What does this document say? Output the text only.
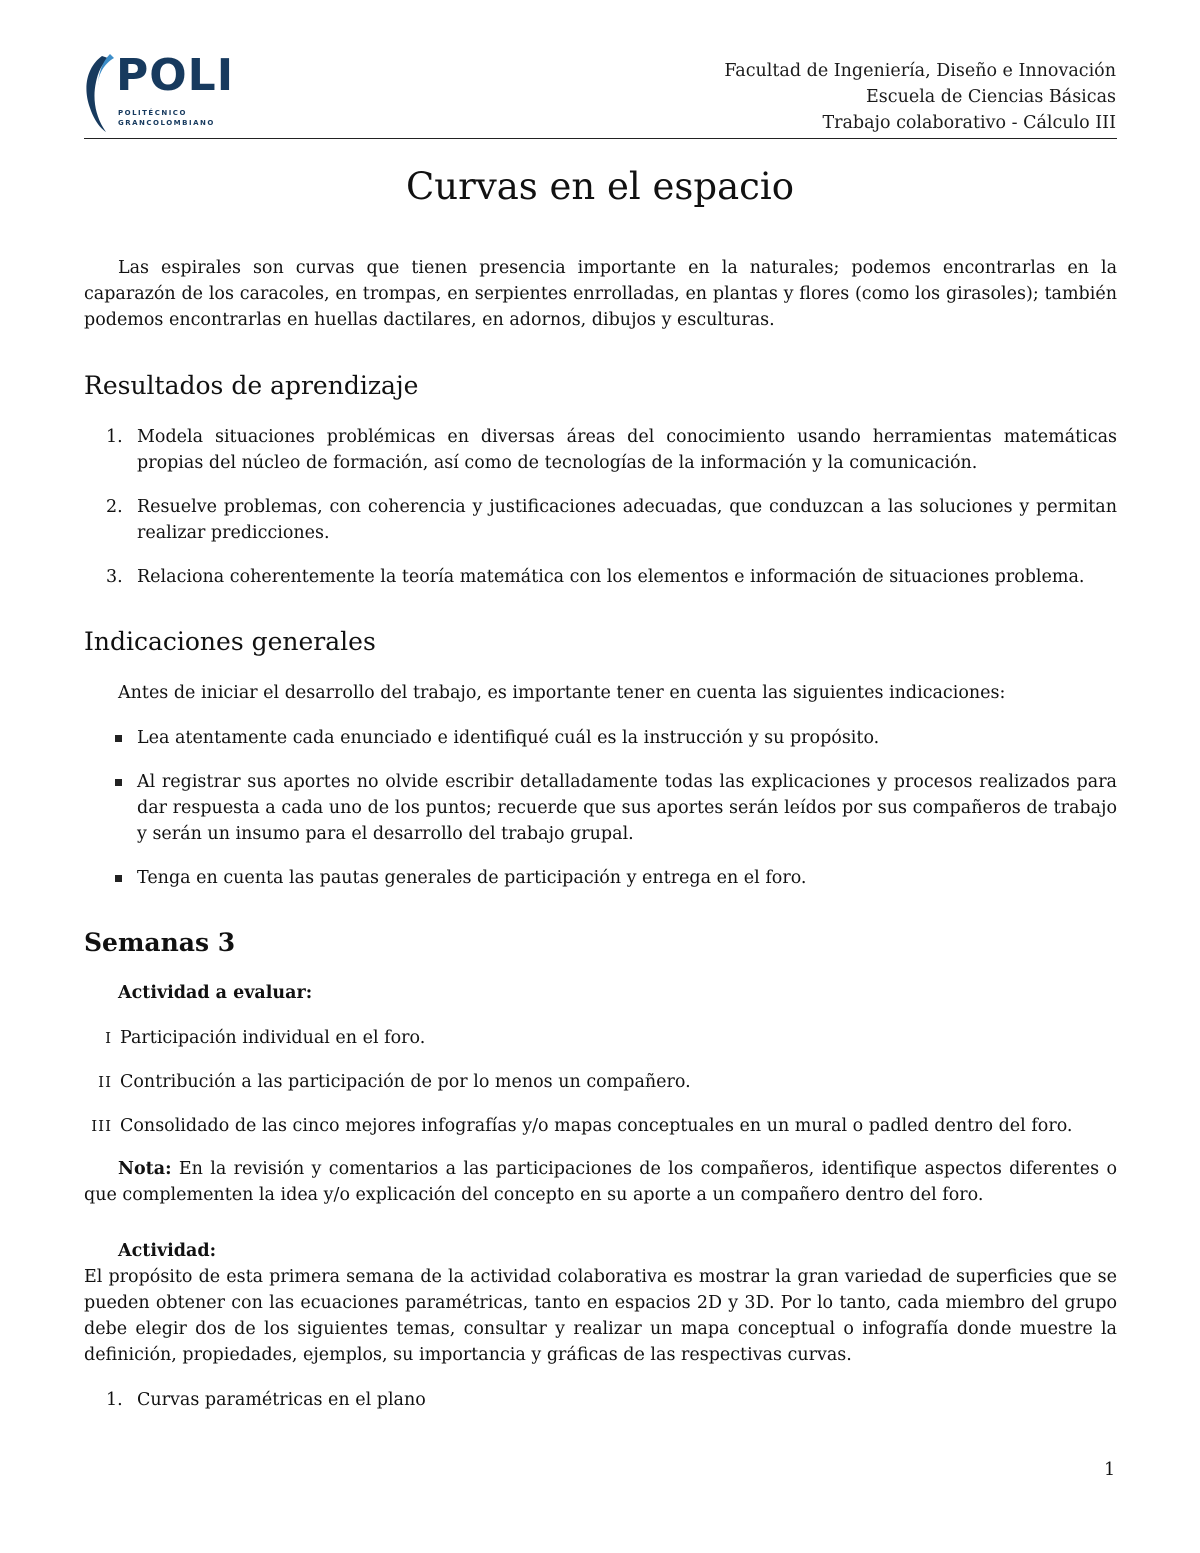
POLI
POLITÉCNICO
GRANCOLOMBIANO
Facultad de Ingeniería, Diseño e Innovación
Escuela de Ciencias Básicas
Trabajo colaborativo - Cálculo III
Curvas en el espacio

Las espirales son curvas que tienen presencia importante en la naturales; podemos encontrarlas en la caparazón de los caracoles, en trompas, en serpientes enrrolladas, en plantas y flores (como los girasoles); también podemos encontrarlas en huellas dactilares, en adornos, dibujos y esculturas.

Resultados de aprendizaje
1. Modela situaciones problémicas en diversas áreas del conocimiento usando herramientas matemáticas propias del núcleo de formación, así como de tecnologías de la información y la comunicación.
2. Resuelve problemas, con coherencia y justificaciones adecuadas, que conduzcan a las soluciones y permitan realizar predicciones.
3. Relaciona coherentemente la teoría matemática con los elementos e información de situaciones problema.
Indicaciones generales

Antes de iniciar el desarrollo del trabajo, es importante tener en cuenta las siguientes indicaciones:

Lea atentamente cada enunciado e identifiqué cuál es la instrucción y su propósito.
Al registrar sus aportes no olvide escribir detalladamente todas las explicaciones y procesos realizados para dar respuesta a cada uno de los puntos; recuerde que sus aportes serán leídos por sus compañeros de trabajo y serán un insumo para el desarrollo del trabajo grupal.
Tenga en cuenta las pautas generales de participación y entrega en el foro.
Semanas 3
Actividad a evaluar:
I Participación individual en el foro.
II Contribución a las participación de por lo menos un compañero.
III Consolidado de las cinco mejores infografías y/o mapas conceptuales en un mural o padled dentro del foro.

Nota: En la revisión y comentarios a las participaciones de los compañeros, identifique aspectos diferentes o que complementen la idea y/o explicación del concepto en su aporte a un compañero dentro del foro.

Actividad:

El propósito de esta primera semana de la actividad colaborativa es mostrar la gran variedad de superficies que se pueden obtener con las ecuaciones paramétricas, tanto en espacios 2D y 3D. Por lo tanto, cada miembro del grupo debe elegir dos de los siguientes temas, consultar y realizar un mapa conceptual o infografía donde muestre la definición, propiedades, ejemplos, su importancia y gráficas de las respectivas curvas.

1. Curvas paramétricas en el plano
1
